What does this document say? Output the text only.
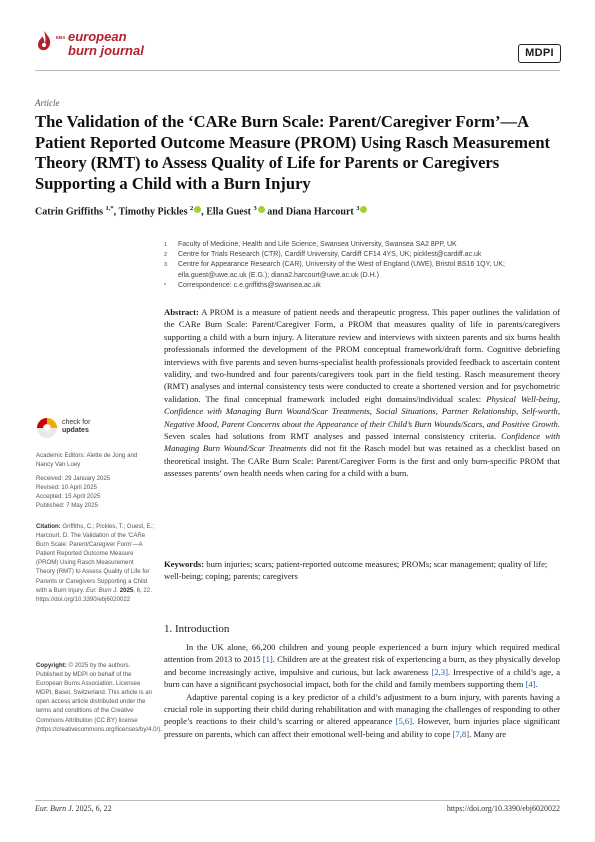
EBA european
burn journal	MDPI
Article
The Validation of the ‘CARe Burn Scale: Parent/Caregiver Form’—A Patient Reported Outcome Measure (PROM) Using Rasch Measurement Theory (RMT) to Assess Quality of Life for Parents or Caregivers Supporting a Child with a Burn Injury
Catrin Griffiths $^{1,*}$, Timothy Pickles $^2$ , Ella Guest $^3$ and Diana Harcourt $^3$
1 Faculty of Medicine, Health and Life Science, Swansea University, Swansea SA2 8PP, UK
2 Centre for Trials Research (CTR), Cardiff University, Cardiff CF14 4YS, UK; picklest@cardiff.ac.uk
3 Centre for Appearance Research (CAR), University of the West of England (UWE), Bristol BS16 1QY, UK; ella.guest@uwe.ac.uk (E.G.); diana2.harcourt@uwe.ac.uk (D.H.)
* Correspondence: c.e.griffiths@swansea.ac.uk
Abstract: A PROM is a measure of patient needs and therapeutic progress. This paper outlines the validation of the CARe Burn Scale: Parent/Caregiver Form, a PROM that measures quality of life in parents/caregivers supporting a child with a burn injury. A literature review and interviews with sixteen parents and six burns health professionals informed the development of the PROM conceptual framework/draft form. Cognitive debriefing interviews with five parents and seven burns-specialist health professionals provided feedback to ascertain content validity, and two-hundred and four parents/caregivers took part in the field testing. Rasch measurement theory (RMT) analyses and internal consistency tests were conducted to create a shortened version and for psychometric validation. The final conceptual framework included eight domains/individual scales: Physical Well-being, Confidence with Managing Burn Wound/Scar Treatments, Social Situations, Partner Relationship, Self-worth, Negative Mood, Parent Concerns about the Appearance of their Child’s Burn Wounds/Scars, and Positive Growth. Seven scales had solutions from RMT analyses and passed internal consistency criteria. Confidence with Managing Burn Wound/Scar Treatments did not fit the Rasch model but was retained as a checklist based on theoretical insight. The CARe Burn Scale: Parent/Caregiver Form is the first and only burn-specific PROM that assesses parents’ own health needs when caring for a child with a burn.
Keywords: burn injuries; scars; patient-reported outcome measures; PROMs; scar management; quality of life; well-being; coping; parents; caregivers
check for
updates
Academic Editors: Alette de Jong and Nancy Van Loey
Received: 29 January 2025
Revised: 10 April 2025
Accepted: 15 April 2025
Published: 7 May 2025
Citation: Griffiths, C.; Pickles, T.; Guest, E.; Harcourt, D. The Validation of the ‘CARe Burn Scale: Parent/Caregiver Form’—A Patient Reported Outcome Measure (PROM) Using Rasch Measurement Theory (RMT) to Assess Quality of Life for Parents or Caregivers Supporting a Child with a Burn Injury. Eur. Burn J. 2025, 6, 22. https://doi.org/10.3390/ebj6020022
Copyright: © 2025 by the authors. Published by MDPI on behalf of the European Burns Association. Licensee MDPI, Basel, Switzerland. This article is an open access article distributed under the terms and conditions of the Creative Commons Attribution (CC BY) license (https://creativecommons.org/licenses/by/4.0/).
1. Introduction

In the UK alone, 66,200 children and young people experienced a burn injury which required medical attention from 2013 to 2015 [1]. Children are at the greatest risk of experiencing a burn, as they physically develop and become increasingly active, impulsive and curious, but lack awareness [2,3]. Irrespective of a child’s age, a burn can have a significant psychosocial impact, both for the child and family members supporting them [4].

Adaptive parental coping is a key predictor of a child’s adjustment to a burn injury, with parents having a crucial role in supporting their child during rehabilitation and with managing the challenges of responding to other people’s reactions to their child’s scarring or altered appearance [5,6]. However, burn injuries place significant pressure on parents, which can affect their emotional well-being and ability to cope [7,8]. Many are

Eur. Burn J. 2025, 6, 22	https://doi.org/10.3390/ebj6020022
